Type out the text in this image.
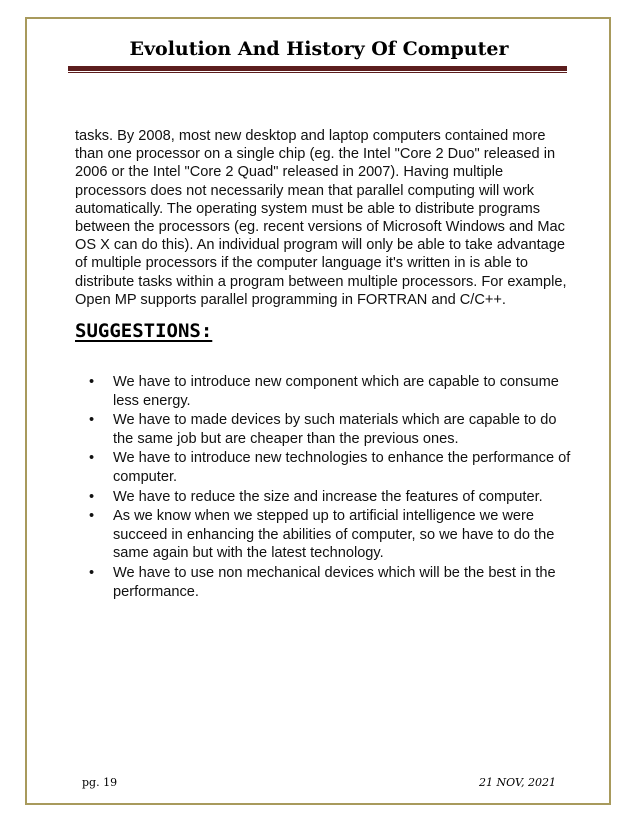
Evolution And History Of Computer

tasks. By 2008, most new desktop and laptop computers contained more than one processor on a single chip (eg. the Intel "Core 2 Duo" released in 2006 or the Intel "Core 2 Quad" released in 2007). Having multiple processors does not necessarily mean that parallel computing will work automatically. The operating system must be able to distribute programs between the processors (eg. recent versions of Microsoft Windows and Mac OS X can do this). An individual program will only be able to take advantage of multiple processors if the computer language it's written in is able to distribute tasks within a program between multiple processors. For example, Open MP supports parallel programming in FORTRAN and C/C++.

SUGGESTIONS:
• We have to introduce new component which are capable to consume less energy.
• We have to made devices by such materials which are capable to do the same job but are cheaper than the previous ones.
• We have to introduce new technologies to enhance the performance of computer.
• We have to reduce the size and increase the features of computer.
• As we know when we stepped up to artificial intelligence we were succeed in enhancing the abilities of computer, so we have to do the same again but with the latest technology.
• We have to use non mechanical devices which will be the best in the performance.
pg. 19	21 NOV, 2021
